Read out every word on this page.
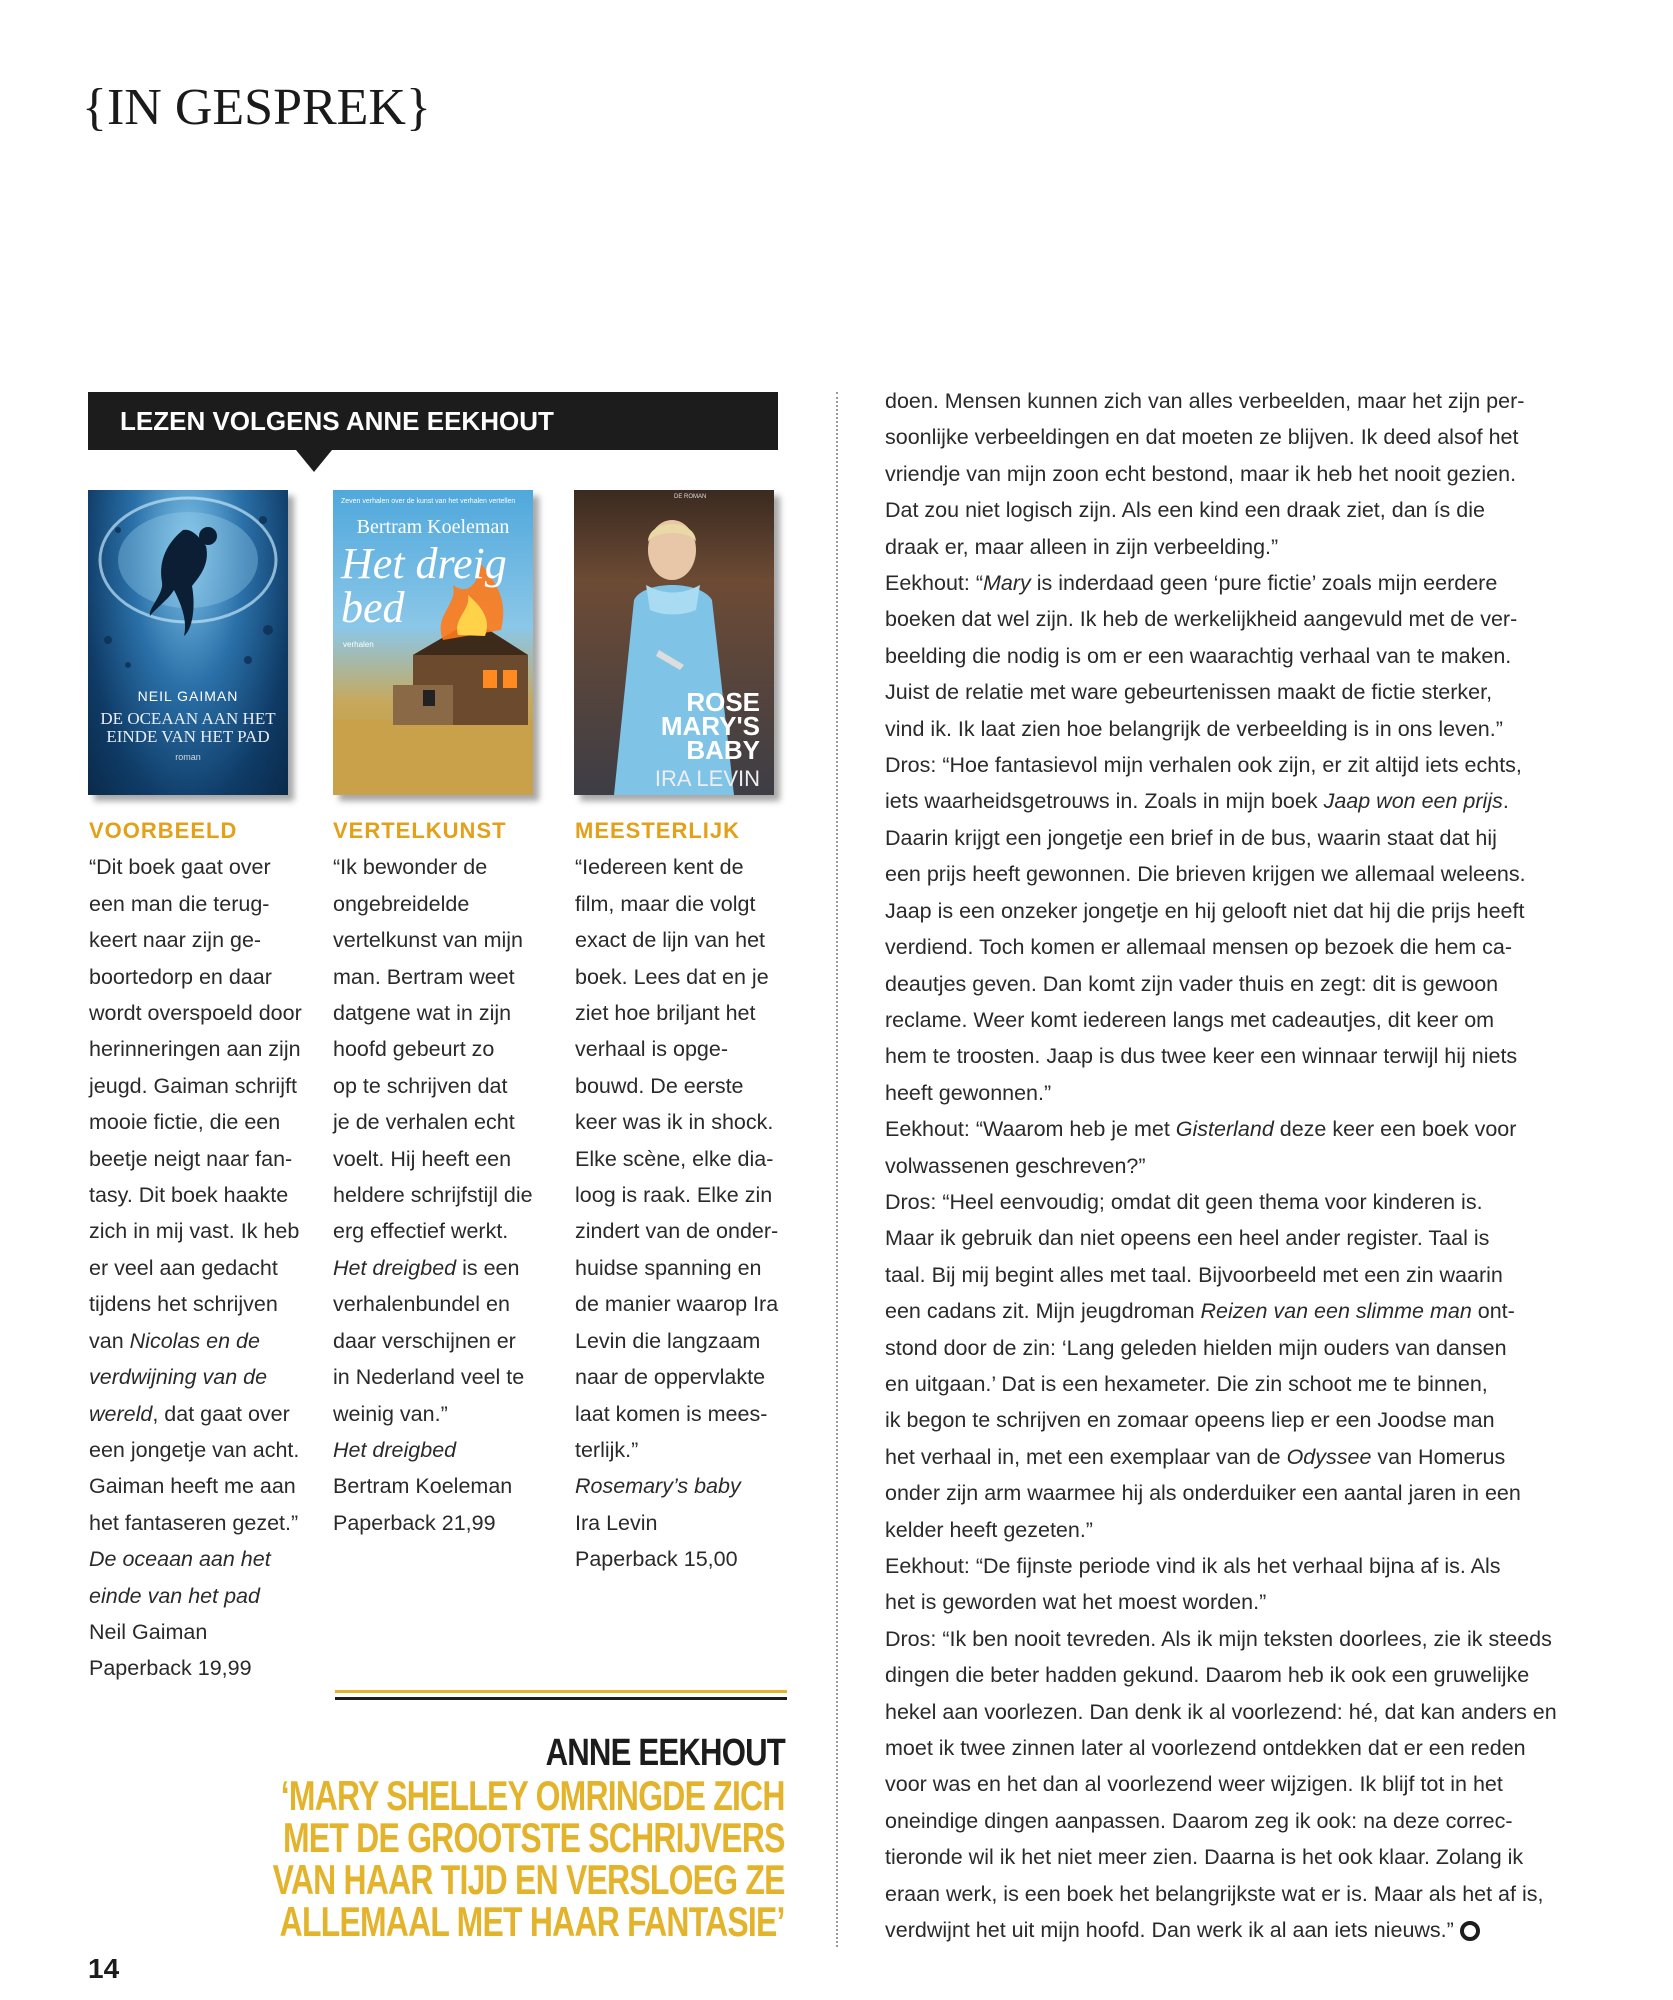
{IN GESPREK}
LEZEN VOLGENS ANNE EEKHOUT
NEIL GAIMAN
DE OCEAAN AAN HET
EINDE VAN HET PAD
roman
Zeven verhalen over de kunst van het verhalen vertellen
Bertram Koeleman
Het dreig
bed
verhalen
DE ROMAN
ROSE
MARY'S
BABY
IRA LEVIN
VOORBEELD
“Dit boek gaat over
een man die terug-
keert naar zijn ge-
boortedorp en daar
wordt overspoeld door
herinneringen aan zijn
jeugd. Gaiman schrijft
mooie fictie, die een
beetje neigt naar fan-
tasy. Dit boek haakte
zich in mij vast. Ik heb
er veel aan gedacht
tijdens het schrijven
van Nicolas en de
verdwijning van de
wereld, dat gaat over
een jongetje van acht.
Gaiman heeft me aan
het fantaseren gezet.”
De oceaan aan het
einde van het pad
Neil Gaiman
Paperback 19,99
VERTELKUNST
“Ik bewonder de
ongebreidelde
vertelkunst van mijn
man. Bertram weet
datgene wat in zijn
hoofd gebeurt zo
op te schrijven dat
je de verhalen echt
voelt. Hij heeft een
heldere schrijfstijl die
erg effectief werkt.
Het dreigbed is een
verhalenbundel en
daar verschijnen er
in Nederland veel te
weinig van.”
Het dreigbed
Bertram Koeleman
Paperback 21,99
MEESTERLIJK
“Iedereen kent de
film, maar die volgt
exact de lijn van het
boek. Lees dat en je
ziet hoe briljant het
verhaal is opge-
bouwd. De eerste
keer was ik in shock.
Elke scène, elke dia-
loog is raak. Elke zin
zindert van de onder-
huidse spanning en
de manier waarop Ira
Levin die langzaam
naar de oppervlakte
laat komen is mees-
terlijk.”
Rosemary’s baby
Ira Levin
Paperback 15,00
doen. Mensen kunnen zich van alles verbeelden, maar het zijn per-
soonlijke verbeeldingen en dat moeten ze blijven. Ik deed alsof het
vriendje van mijn zoon echt bestond, maar ik heb het nooit gezien.
Dat zou niet logisch zijn. Als een kind een draak ziet, dan ís die
draak er, maar alleen in zijn verbeelding.”
Eekhout: “Mary is inderdaad geen ‘pure fictie’ zoals mijn eerdere
boeken dat wel zijn. Ik heb de werkelijkheid aangevuld met de ver-
beelding die nodig is om er een waarachtig verhaal van te maken.
Juist de relatie met ware gebeurtenissen maakt de fictie sterker,
vind ik. Ik laat zien hoe belangrijk de verbeelding is in ons leven.”
Dros: “Hoe fantasievol mijn verhalen ook zijn, er zit altijd iets echts,
iets waarheidsgetrouws in. Zoals in mijn boek Jaap won een prijs.
Daarin krijgt een jongetje een brief in de bus, waarin staat dat hij
een prijs heeft gewonnen. Die brieven krijgen we allemaal weleens.
Jaap is een onzeker jongetje en hij gelooft niet dat hij die prijs heeft
verdiend. Toch komen er allemaal mensen op bezoek die hem ca-
deautjes geven. Dan komt zijn vader thuis en zegt: dit is gewoon
reclame. Weer komt iedereen langs met cadeautjes, dit keer om
hem te troosten. Jaap is dus twee keer een winnaar terwijl hij niets
heeft gewonnen.”
Eekhout: “Waarom heb je met Gisterland deze keer een boek voor
volwassenen geschreven?”
Dros: “Heel eenvoudig; omdat dit geen thema voor kinderen is.
Maar ik gebruik dan niet opeens een heel ander register. Taal is
taal. Bij mij begint alles met taal. Bijvoorbeeld met een zin waarin
een cadans zit. Mijn jeugdroman Reizen van een slimme man ont-
stond door de zin: ‘Lang geleden hielden mijn ouders van dansen
en uitgaan.’ Dat is een hexameter. Die zin schoot me te binnen,
ik begon te schrijven en zomaar opeens liep er een Joodse man
het verhaal in, met een exemplaar van de Odyssee van Homerus
onder zijn arm waarmee hij als onderduiker een aantal jaren in een
kelder heeft gezeten.”
Eekhout: “De fijnste periode vind ik als het verhaal bijna af is. Als
het is geworden wat het moest worden.”
Dros: “Ik ben nooit tevreden. Als ik mijn teksten doorlees, zie ik steeds
dingen die beter hadden gekund. Daarom heb ik ook een gruwelijke
hekel aan voorlezen. Dan denk ik al voorlezend: hé, dat kan anders en
moet ik twee zinnen later al voorlezend ontdekken dat er een reden
voor was en het dan al voorlezend weer wijzigen. Ik blijf tot in het
oneindige dingen aanpassen. Daarom zeg ik ook: na deze correc-
tieronde wil ik het niet meer zien. Daarna is het ook klaar. Zolang ik
eraan werk, is een boek het belangrijkste wat er is. Maar als het af is,
verdwijnt het uit mijn hoofd. Dan werk ik al aan iets nieuws.”
ANNE EEKHOUT
‘MARY SHELLEY OMRINGDE ZICH
MET DE GROOTSTE SCHRIJVERS
VAN HAAR TIJD EN VERSLOEG ZE
ALLEMAAL MET HAAR FANTASIE’
14
